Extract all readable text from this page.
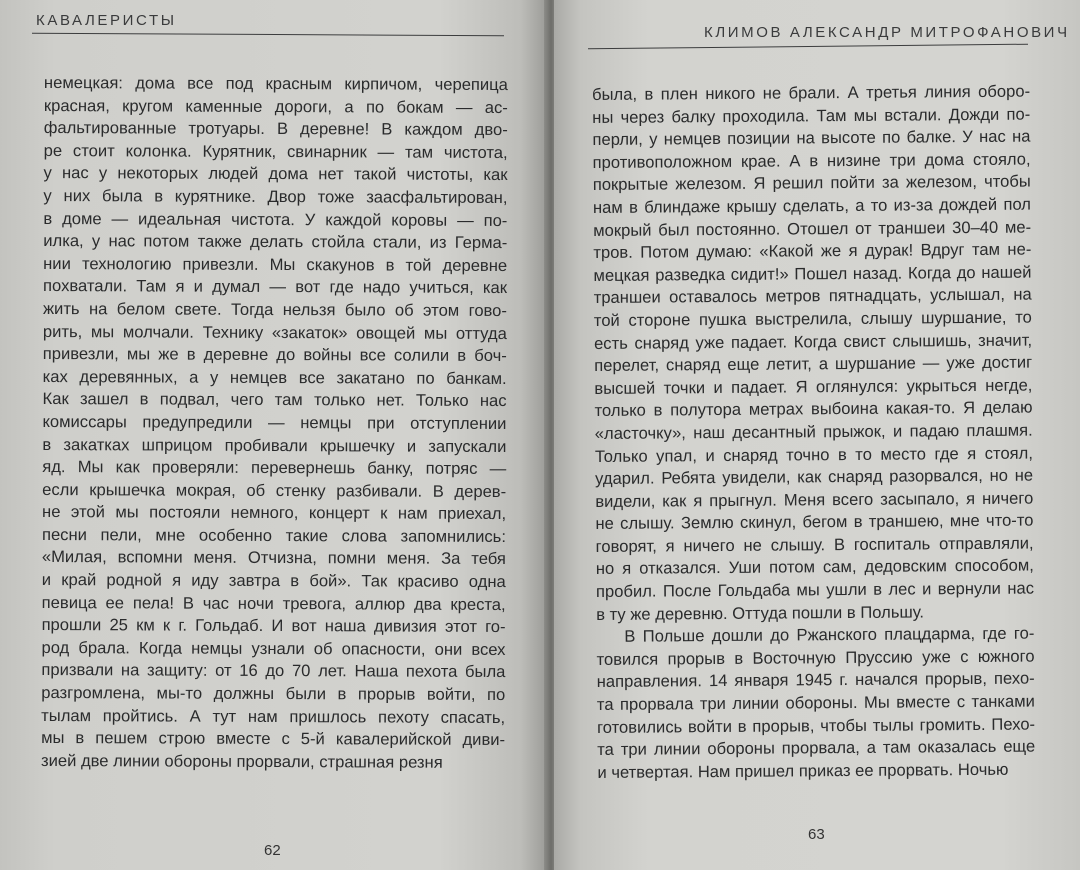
КАВАЛЕРИСТЫ
немецкая: дома все под красным кирпичом, черепица
красная, кругом каменные дороги, а по бокам — ас-
фальтированные тротуары. В деревне! В каждом дво-
ре стоит колонка. Курятник, свинарник — там чистота,
у нас у некоторых людей дома нет такой чистоты, как
у них была в курятнике. Двор тоже заасфальтирован,
в доме — идеальная чистота. У каждой коровы — по-
илка, у нас потом также делать стойла стали, из Герма-
нии технологию привезли. Мы скакунов в той деревне
похватали. Там я и думал — вот где надо учиться, как
жить на белом свете. Тогда нельзя было об этом гово-
рить, мы молчали. Технику «закаток» овощей мы оттуда
привезли, мы же в деревне до войны все солили в боч-
ках деревянных, а у немцев все закатано по банкам.
Как зашел в подвал, чего там только нет. Только нас
комиссары предупредили — немцы при отступлении
в закатках шприцом пробивали крышечку и запускали
яд. Мы как проверяли: перевернешь банку, потряс —
если крышечка мокрая, об стенку разбивали. В дерев-
не этой мы постояли немного, концерт к нам приехал,
песни пели, мне особенно такие слова запомнились:
«Милая, вспомни меня. Отчизна, помни меня. За тебя
и край родной я иду завтра в бой». Так красиво одна
певица ее пела! В час ночи тревога, аллюр два креста,
прошли 25 км к г. Гольдаб. И вот наша дивизия этот го-
род брала. Когда немцы узнали об опасности, они всех
призвали на защиту: от 16 до 70 лет. Наша пехота была
разгромлена, мы-то должны были в прорыв войти, по
тылам пройтись. А тут нам пришлось пехоту спасать,
мы в пешем строю вместе с 5-й кавалерийской диви-
зией две линии обороны прорвали, страшная резня
62
КЛИМОВ АЛЕКСАНДР МИТРОФАНОВИЧ
была, в плен никого не брали. А третья линия оборо-
ны через балку проходила. Там мы встали. Дожди по-
перли, у немцев позиции на высоте по балке. У нас на
противоположном крае. А в низине три дома стояло,
покрытые железом. Я решил пойти за железом, чтобы
нам в блиндаже крышу сделать, а то из-за дождей пол
мокрый был постоянно. Отошел от траншеи 30–40 ме-
тров. Потом думаю: «Какой же я дурак! Вдруг там не-
мецкая разведка сидит!» Пошел назад. Когда до нашей
траншеи оставалось метров пятнадцать, услышал, на
той стороне пушка выстрелила, слышу шуршание, то
есть снаряд уже падает. Когда свист слышишь, значит,
перелет, снаряд еще летит, а шуршание — уже достиг
высшей точки и падает. Я оглянулся: укрыться негде,
только в полутора метрах выбоина какая-то. Я делаю
«ласточку», наш десантный прыжок, и падаю плашмя.
Только упал, и снаряд точно в то место где я стоял,
ударил. Ребята увидели, как снаряд разорвался, но не
видели, как я прыгнул. Меня всего засыпало, я ничего
не слышу. Землю скинул, бегом в траншею, мне что-то
говорят, я ничего не слышу. В госпиталь отправляли,
но я отказался. Уши потом сам, дедовским способом,
пробил. После Гольдаба мы ушли в лес и вернули нас
в ту же деревню. Оттуда пошли в Польшу.
В Польше дошли до Ржанского плацдарма, где го-
товился прорыв в Восточную Пруссию уже с южного
направления. 14 января 1945 г. начался прорыв, пехо-
та прорвала три линии обороны. Мы вместе с танками
готовились войти в прорыв, чтобы тылы громить. Пехо-
та три линии обороны прорвала, а там оказалась еще
и четвертая. Нам пришел приказ ее прорвать. Ночью
63
